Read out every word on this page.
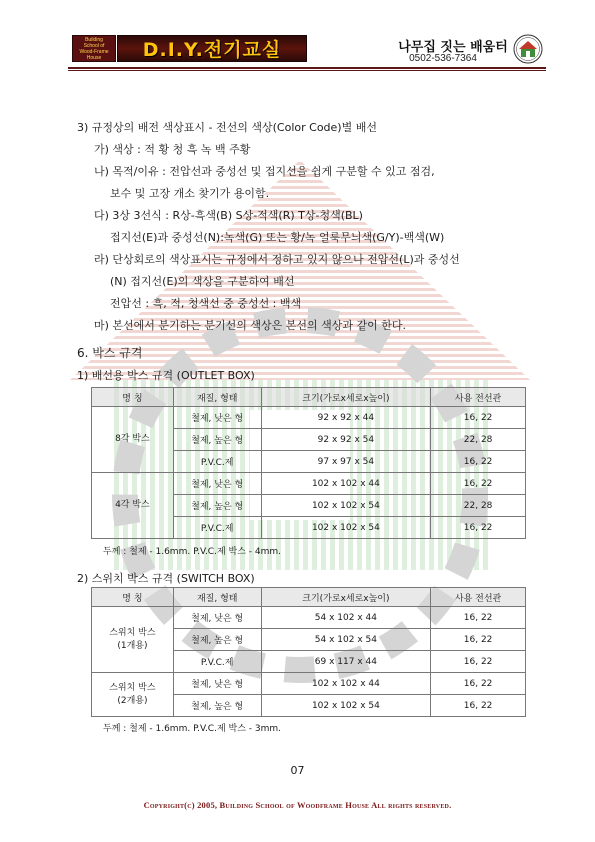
Building
School of
Wood-Frame
House	D.I.Y.전기교실	나무집 짓는 배움터
0502-536-7364
3) 규정상의 배전 색상표시 - 전선의 색상(Color Code)별 배선
가) 색상 : 적 황 청 흑 녹 백 주황
나) 목적/이유 : 전압선과 중성선 및 접지선을 쉽게 구분할 수 있고 점검,
보수 및 고장 개소 찾기가 용이함.
다) 3상 3선식 : R상-흑색(B) S상-적색(R) T상-청색(BL)
접지선(E)과 중성선(N):녹색(G) 또는 황/녹 얼룩무늬색(G/Y)-백색(W)
라) 단상회로의 색상표시는 규정에서 정하고 있지 않으나 전압선(L)과 중성선
(N) 접지선(E)의 색상을 구분하여 배선
전압선 : 흑, 적, 청색선 중 중성선 : 백색
마) 본선에서 분기하는 분기선의 색상은 본선의 색상과 같이 한다.
6. 박스 규격
1) 배선용 박스 규격 (OUTLET BOX)
명 칭	재질, 형태	크기(가로x세로x높이)	사용 전선관
8각 박스	철제, 낮은 형	92 x 92 x 44	16, 22
	철제, 높은 형	92 x 92 x 54	22, 28
	P.V.C.제	97 x 97 x 54	16, 22
4각 박스	철제, 낮은 형	102 x 102 x 44	16, 22
	철제, 높은 형	102 x 102 x 54	22, 28
	P.V.C.제	102 x 102 x 54	16, 22
두께 : 철제 - 1.6mm. P.V.C.제 박스 - 4mm.
2) 스위치 박스 규격 (SWITCH BOX)
명 칭	재질, 형태	크기(가로x세로x높이)	사용 전선관

스위치 박스
(1개용)	철제, 낮은 형	54 x 102 x 44	16, 22
	철제, 높은 형	54 x 102 x 54	16, 22
	P.V.C.제	69 x 117 x 44	16, 22

스위치 박스
(2개용)	철제, 낮은 형	102 x 102 x 44	16, 22
	철제, 높은 형	102 x 102 x 54	16, 22
두께 : 철제 - 1.6mm. P.V.C.제 박스 - 3mm.
07
Copyright(c) 2005, Building School of Woodframe House All rights reserved.
